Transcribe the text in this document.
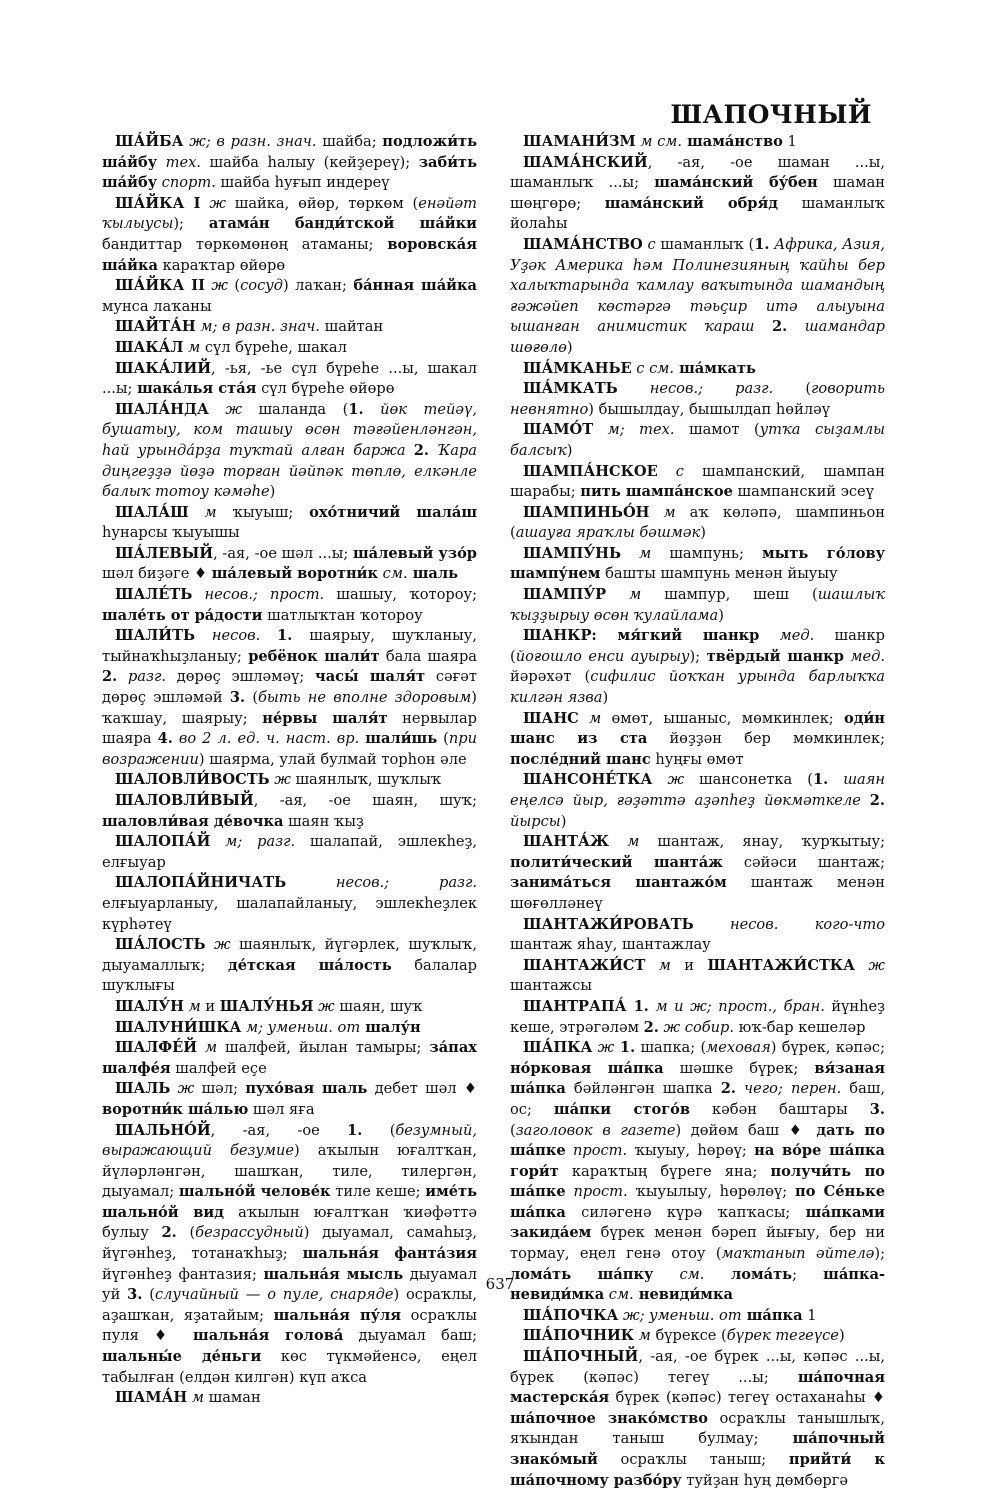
ШАПОЧНЫЙ

ША́ЙБА ж; в разн. знач. шайба; подложи́ть ша́йбу тех. шайба һалыу (кейҙереү); заби́ть ша́йбу спорт. шайба һуғып индереү

ША́ЙКА I ж шайка, өйөр, төркөм (енәйәт ҡылыусы); атама́н банди́тской ша́йки бандиттар төркөмөнөң атаманы; воровска́я ша́йка караҡтар өйөрө

ША́ЙКА II ж (сосуд) лаҡан; ба́нная ша́йка мунса лаҡаны

ШАЙТА́Н м; в разн. знач. шайтан

ШАКА́Л м сүл бүреһе, шакал

ШАКА́ЛИЙ, -ья, -ье сүл бүреһе ...ы, шакал ...ы; шака́лья ста́я сүл бүреһе өйөрө

ШАЛА́НДА ж шаланда (1. йөк тейәү, бушатыу, ком ташыу өсөн тәғәйенләнгән, һай урында́рҙа туҡтай алған баржа 2. Ҡара диңгеҙҙә йөҙә торған йәйпәк төплө, елкәнле балыҡ тотоу кәмәһе)

ШАЛА́Ш м ҡыуыш; охо́тничий шала́ш һунарсы ҡыуышы

ША́ЛЕВЫЙ, -ая, -ое шәл ...ы; ша́левый узо́р шәл биҙәге ♦ ша́левый воротни́к см. шаль

ШАЛЕ́ТЬ несов.; прост. шашыу, ҡотороу; шале́ть от ра́дости шатлыҡтан ҡотороу

ШАЛИ́ТЬ несов. 1. шаярыу, шуҡланыу, тыйнаҡһыҙланыу; ребёнок шали́т бала шаяра 2. разг. дөрөҫ эшләмәү; часы́ шаля́т сәғәт дөрөҫ эшләмәй 3. (быть не вполне здоровым) ҡаҡшау, шаярыу; не́рвы шаля́т нервылар шаяра 4. во 2 л. ед. ч. наст. вр. шали́шь (при возражении) шаярма, улай булмай торһон әле

ШАЛОВЛИ́ВОСТЬ ж шаянлыҡ, шуҡлыҡ

ШАЛОВЛИ́ВЫЙ, -ая, -ое шаян, шуҡ; шаловли́вая де́вочка шаян ҡыҙ

ШАЛОПА́Й м; разг. шалапай, эшлекһеҙ, елғыуар

ШАЛОПА́ЙНИЧАТЬ несов.; разг. елғыуарланыу, шалапайланыу, эшлекһеҙлек күрһәтеү

ША́ЛОСТЬ ж шаянлыҡ, йүгәрлек, шуҡлыҡ, дыуамаллыҡ; де́тская ша́лость балалар шуҡлығы

ШАЛУ́Н м и ШАЛУ́НЬЯ ж шаян, шуҡ

ШАЛУНИ́ШКА м; уменьш. от шалу́н

ШАЛФЕ́Й м шалфей, йылан тамыры; за́пах шалфе́я шалфей еҫе

ШАЛЬ ж шәл; пухо́вая шаль дебет шәл ♦ воротни́к ша́лью шәл яға

ШАЛЬНО́Й, -ая, -ое 1. (безумный, выражающий безумие) аҡылын юғалтҡан, йүләрләнгән, шашҡан, тиле, тилергән, дыуамал; шально́й челове́к тиле кеше; име́ть шально́й вид аҡылын юғалтҡан ҡиәфәттә булыу 2. (безрассудный) дыуамал, самаһыҙ, йүгәнһеҙ, тотанаҡһыҙ; шальна́я фанта́зия йүгәнһеҙ фантазия; шальна́я мысль дыуамал уй 3. (случайный — о пуле, снаряде) осраҡлы, аҙашҡан, яҙатайым; шальна́я пу́ля осраҡлы пуля ♦ шальна́я голова́ дыуамал баш; шальны́е де́ньги көс түкмәйенсә, еңел табылған (елдән килгән) күп аҡса

ШАМА́Н м шаман

ШАМАНИ́ЗМ м см. шама́нство 1

ШАМА́НСКИЙ, -ая, -ое шаман ...ы, шаманлыҡ ...ы; шама́нский бу́бен шаман шөңгөрө; шама́нский обря́д шаманлыҡ йолаһы

ШАМА́НСТВО с шаманлыҡ (1. Африка, Азия, Уҙәк Америка һәм Полинезияның ҡайһы бер халыҡтарында ҡамлау ваҡытында шамандың ғәжәйеп көстәргә тәьҫир итә алыуына ышанған анимистик ҡараш 2. шамандар шөғөлө)

ША́МКАНЬЕ с см. ша́мкать

ША́МКАТЬ несов.; разг. (говорить невнятно) бышылдау, бышылдап һөйләү

ШАМО́Т м; тех. шамот (утҡа сыҙамлы балсыҡ)

ШАМПА́НСКОЕ с шампанский, шампан шарабы; пить шампа́нское шампанский эсеү

ШАМПИНЬО́Н м аҡ көләпә, шампиньон (ашауға яраҡлы бәшмәк)

ШАМПУ́НЬ м шампунь; мыть го́лову шампу́нем башты шампунь менән йыуыу

ШАМПУ́Р м шампур, шеш (шашлыҡ ҡыҙҙырыу өсөн ҡулайлама)

ШАНКР: мя́гкий шанкр мед. шанкр (йоғошло енси ауырыу); твёрдый шанкр мед. йәрәхәт (сифилис йоҡҡан урында барлыҡҡа килгән язва)

ШАНС м өмөт, ышаныс, мөмкинлек; оди́н шанс из ста йөҙҙән бер мөмкинлек; после́дний шанс һуңғы өмөт

ШАНСОНЕ́ТКА ж шансонетка (1. шаян еңелсә йыр, ғәҙәттә аҙәпһеҙ йөкмәткеле 2. йырсы)

ШАНТА́Ж м шантаж, янау, ҡурҡытыу; полити́ческий шанта́ж сәйәси шантаж; занима́ться шантажо́м шантаж менән шөғөлләнеү

ШАНТАЖИ́РОВАТЬ несов. кого-что шантаж яһау, шантажлау

ШАНТАЖИ́СТ м и ШАНТАЖИ́СТКА ж шантажсы

ШАНТРАПА́ 1. м и ж; прост., бран. йүнһеҙ кеше, этрәгәләм 2. ж собир. юҡ-бар кешеләр

ША́ПКА ж 1. шапка; (меховая) бүрек, кәпәс; но́рковая ша́пка шәшке бүрек; вя́заная ша́пка бәйләнгән шапка 2. чего; перен. баш, ос; ша́пки стого́в кәбән баштары 3. (заголовок в газете) дөйөм баш ♦ дать по ша́пке прост. ҡыуыу, һөрөү; на во́ре ша́пка гори́т караҡтың бүреге яна; получи́ть по ша́пке прост. ҡыуылыу, һөрөлөү; по Се́ньке ша́пка силәгенә күрә ҡапҡасы; ша́пками закида́ем бүрек менән бәреп йығыу, бер ни тормау, еңел генә отоу (маҡтанып әйтелә); лома́ть ша́пку см. лома́ть; ша́пка-невиди́мка см. невиди́мка

ША́ПОЧКА ж; уменьш. от ша́пка 1

ША́ПОЧНИК м бүрексе (бүрек тегеүсе)

ША́ПОЧНЫЙ, -ая, -ое бүрек ...ы, кәпәс ...ы, бүрек (кәпәс) тегеү ...ы; ша́почная мастерска́я бүрек (кәпәс) тегеү остаханаһы ♦ ша́почное знако́мство осраҡлы танышлыҡ, яҡындан таныш булмау; ша́почный знако́мый осраҡлы таныш; прийти́ к ша́почному разбо́ру туйҙан һуң дөмбөргә

637
